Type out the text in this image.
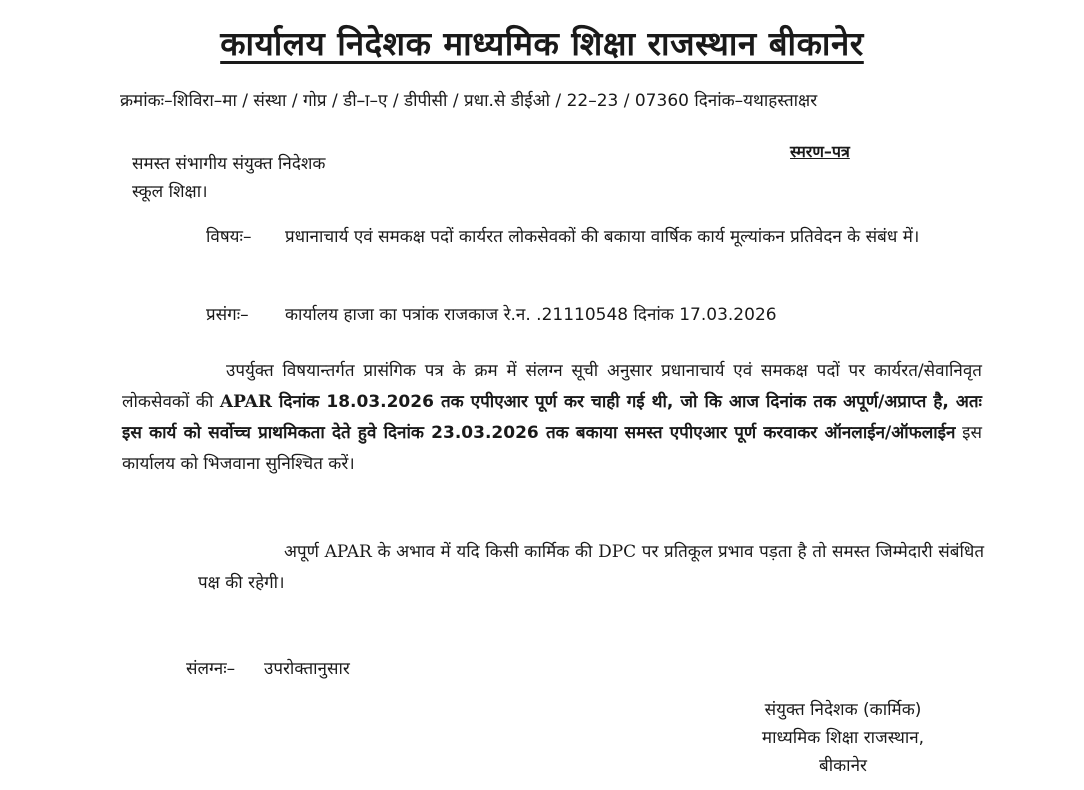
कार्यालय निदेशक माध्यमिक शिक्षा राजस्थान बीकानेर
क्रमांकः–शिविरा–मा / संस्था / गोप्र / डी–ा–ए / डीपीसी / प्रधा.से डीईओ / 22–23 / 07360 दिनांक–यथाहस्ताक्षर
स्मरण–पत्र
समस्त संभागीय संयुक्त निदेशक
स्कूल शिक्षा।
विषयः– प्रधानाचार्य एवं समकक्ष पदों कार्यरत लोकसेवकों की बकाया वार्षिक कार्य मूल्यांकन प्रतिवेदन के संबंध में।
प्रसंगः– कार्यालय हाजा का पत्रांक राजकाज रे.न. .21110548 दिनांक 17.03.2026
उपर्युक्त विषयान्तर्गत प्रासंगिक पत्र के क्रम में संलग्न सूची अनुसार प्रधानाचार्य एवं समकक्ष पदों पर कार्यरत/सेवानिवृत लोकसेवकों की APAR दिनांक 18.03.2026 तक एपीएआर पूर्ण कर चाही गई थी, जो कि आज दिनांक तक अपूर्ण/अप्राप्त है, अतः इस कार्य को सर्वोच्च प्राथमिकता देते हुवे दिनांक 23.03.2026 तक बकाया समस्त एपीएआर पूर्ण करवाकर ऑनलाईन/ऑफलाईन इस कार्यालय को भिजवाना सुनिश्चित करें।
अपूर्ण APAR के अभाव में यदि किसी कार्मिक की DPC पर प्रतिकूल प्रभाव पड़ता है तो समस्त जिम्मेदारी संबंधित पक्ष की रहेगी।
संलग्नः– उपरोक्तानुसार
संयुक्त निदेशक (कार्मिक)
माध्यमिक शिक्षा राजस्थान,
बीकानेर
